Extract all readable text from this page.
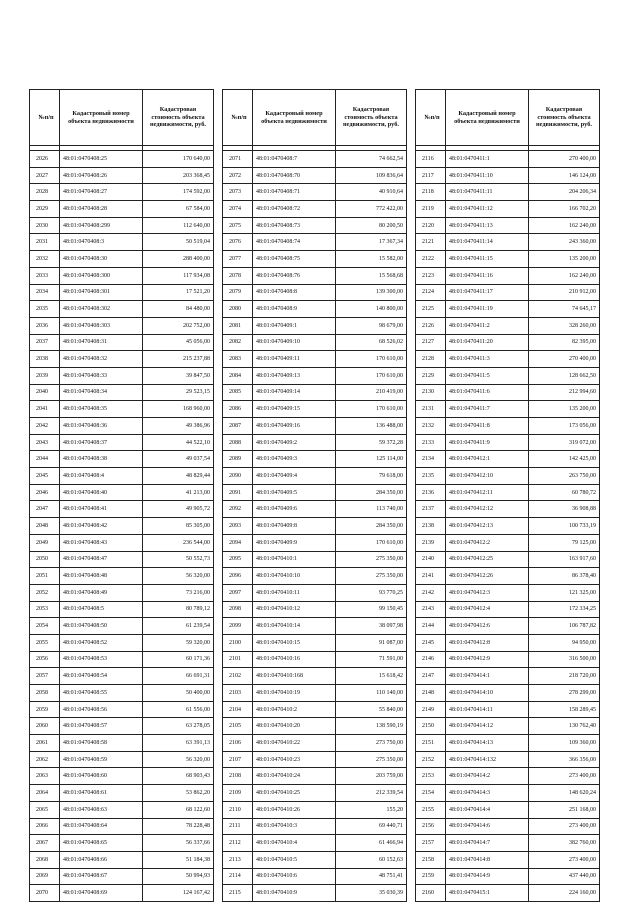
№п/п	Кадастровый номер объекта недвижимости	Кадастровая стоимость объекта недвижимости, руб.

2026	48:01:0470408:25	170 640,00
2027	48:01:0470408:26	203 368,45
2028	48:01:0470408:27	174 592,00
2029	48:01:0470408:28	67 584,00
2030	48:01:0470408:299	112 640,00
2031	48:01:0470408:3	50 519,04
2032	48:01:0470408:30	288 400,00
2033	48:01:0470408:300	117 934,08
2034	48:01:0470408:301	17 521,20
2035	48:01:0470408:302	84 480,00
2036	48:01:0470408:303	202 752,00
2037	48:01:0470408:31	45 056,00
2038	48:01:0470408:32	215 237,88
2039	48:01:0470408:33	39 847,50
2040	48:01:0470408:34	29 523,15
2041	48:01:0470408:35	168 960,00
2042	48:01:0470408:36	49 386,96
2043	48:01:0470408:37	44 522,10
2044	48:01:0470408:38	49 037,54
2045	48:01:0470408:4	48 829,44
2046	48:01:0470408:40	41 213,00
2047	48:01:0470408:41	49 905,72
2048	48:01:0470408:42	85 305,00
2049	48:01:0470408:43	236 544,00
2050	48:01:0470408:47	50 552,73
2051	48:01:0470408:48	56 320,00
2052	48:01:0470408:49	73 216,00
2053	48:01:0470408:5	80 789,12
2054	48:01:0470408:50	61 239,54
2055	48:01:0470408:52	59 320,00
2056	48:01:0470408:53	60 171,36
2057	48:01:0470408:54	66 691,31
2058	48:01:0470408:55	50 400,00
2059	48:01:0470408:56	61 556,00
2060	48:01:0470408:57	63 278,05
2061	48:01:0470408:58	63 391,13
2062	48:01:0470408:59	56 320,00
2063	48:01:0470408:60	68 903,43
2064	48:01:0470408:61	53 862,20
2065	48:01:0470408:63	68 122,60
2066	48:01:0470408:64	78 228,48
2067	48:01:0470408:65	56 337,66
2068	48:01:0470408:66	51 184,38
2069	48:01:0470408:67	50 994,93
2070	48:01:0470408:69	124 167,42
№п/п	Кадастровый номер объекта недвижимости	Кадастровая стоимость объекта недвижимости, руб.

2071	48:01:0470408:7	74 662,54
2072	48:01:0470408:70	109 836,64
2073	48:01:0470408:71	40 910,64
2074	48:01:0470408:72	772 422,00
2075	48:01:0470408:73	80 200,50
2076	48:01:0470408:74	17 367,34
2077	48:01:0470408:75	15 582,00
2078	48:01:0470408:76	15 568,68
2079	48:01:0470408:8	139 300,00
2080	48:01:0470408:9	140 800,00
2081	48:01:0470409:1	98 679,00
2082	48:01:0470409:10	68 526,02
2083	48:01:0470409:11	170 610,00
2084	48:01:0470409:13	170 610,00
2085	48:01:0470409:14	210 419,00
2086	48:01:0470409:15	170 610,00
2087	48:01:0470409:16	136 488,00
2088	48:01:0470409:2	59 372,28
2089	48:01:0470409:3	125 114,00
2090	48:01:0470409:4	79 618,00
2091	48:01:0470409:5	284 350,00
2092	48:01:0470409:6	113 740,00
2093	48:01:0470409:8	284 350,00
2094	48:01:0470409:9	170 610,00
2095	48:01:0470410:1	275 350,00
2096	48:01:0470410:10	275 350,00
2097	48:01:0470410:11	93 770,25
2098	48:01:0470410:12	99 150,45
2099	48:01:0470410:14	38 097,98
2100	48:01:0470410:15	91 087,00
2101	48:01:0470410:16	71 591,00
2102	48:01:0470410:168	15 618,42
2103	48:01:0470410:19	110 140,00
2104	48:01:0470410:2	55 840,00
2105	48:01:0470410:20	138 590,19
2106	48:01:0470410:22	273 750,00
2107	48:01:0470410:23	275 350,00
2108	48:01:0470410:24	203 759,00
2109	48:01:0470410:25	212 339,54
2110	48:01:0470410:26	155,20
2111	48:01:0470410:3	69 440,71
2112	48:01:0470410:4	61 466,94
2113	48:01:0470410:5	60 152,63
2114	48:01:0470410:6	48 751,41
2115	48:01:0470410:9	35 030,39
№п/п	Кадастровый номер объекта недвижимости	Кадастровая стоимость объекта недвижимости, руб.

2116	48:01:0470411:1	270 400,00
2117	48:01:0470411:10	146 124,00
2118	48:01:0470411:11	204 206,34
2119	48:01:0470411:12	166 702,20
2120	48:01:0470411:13	162 240,00
2121	48:01:0470411:14	243 360,00
2122	48:01:0470411:15	135 200,00
2123	48:01:0470411:16	162 240,00
2124	48:01:0470411:17	210 912,00
2125	48:01:0470411:19	74 645,17
2126	48:01:0470411:2	328 260,00
2127	48:01:0470411:20	82 395,00
2128	48:01:0470411:3	270 400,00
2129	48:01:0470411:5	128 662,50
2130	48:01:0470411:6	212 994,60
2131	48:01:0470411:7	135 200,00
2132	48:01:0470411:8	173 056,00
2133	48:01:0470411:9	319 072,00
2134	48:01:0470412:1	142 425,00
2135	48:01:0470412:10	263 750,00
2136	48:01:0470412:11	60 780,72
2137	48:01:0470412:12	36 908,88
2138	48:01:0470412:13	100 733,19
2139	48:01:0470412:2	79 125,00
2140	48:01:0470412:25	163 917,60
2141	48:01:0470412:26	86 378,40
2142	48:01:0470412:3	121 325,00
2143	48:01:0470412:4	172 334,25
2144	48:01:0470412:6	106 787,82
2145	48:01:0470412:8	94 950,00
2146	48:01:0470412:9	316 500,00
2147	48:01:0470414:1	218 720,00
2148	48:01:0470414:10	278 299,00
2149	48:01:0470414:11	158 289,45
2150	48:01:0470414:12	130 762,40
2151	48:01:0470414:13	109 360,00
2152	48:01:0470414:132	366 356,00
2153	48:01:0470414:2	273 400,00
2154	48:01:0470414:3	148 620,24
2155	48:01:0470414:4	251 168,00
2156	48:01:0470414:6	273 400,00
2157	48:01:0470414:7	382 760,00
2158	48:01:0470414:8	273 400,00
2159	48:01:0470414:9	437 440,00
2160	48:01:0470415:1	224 160,00
